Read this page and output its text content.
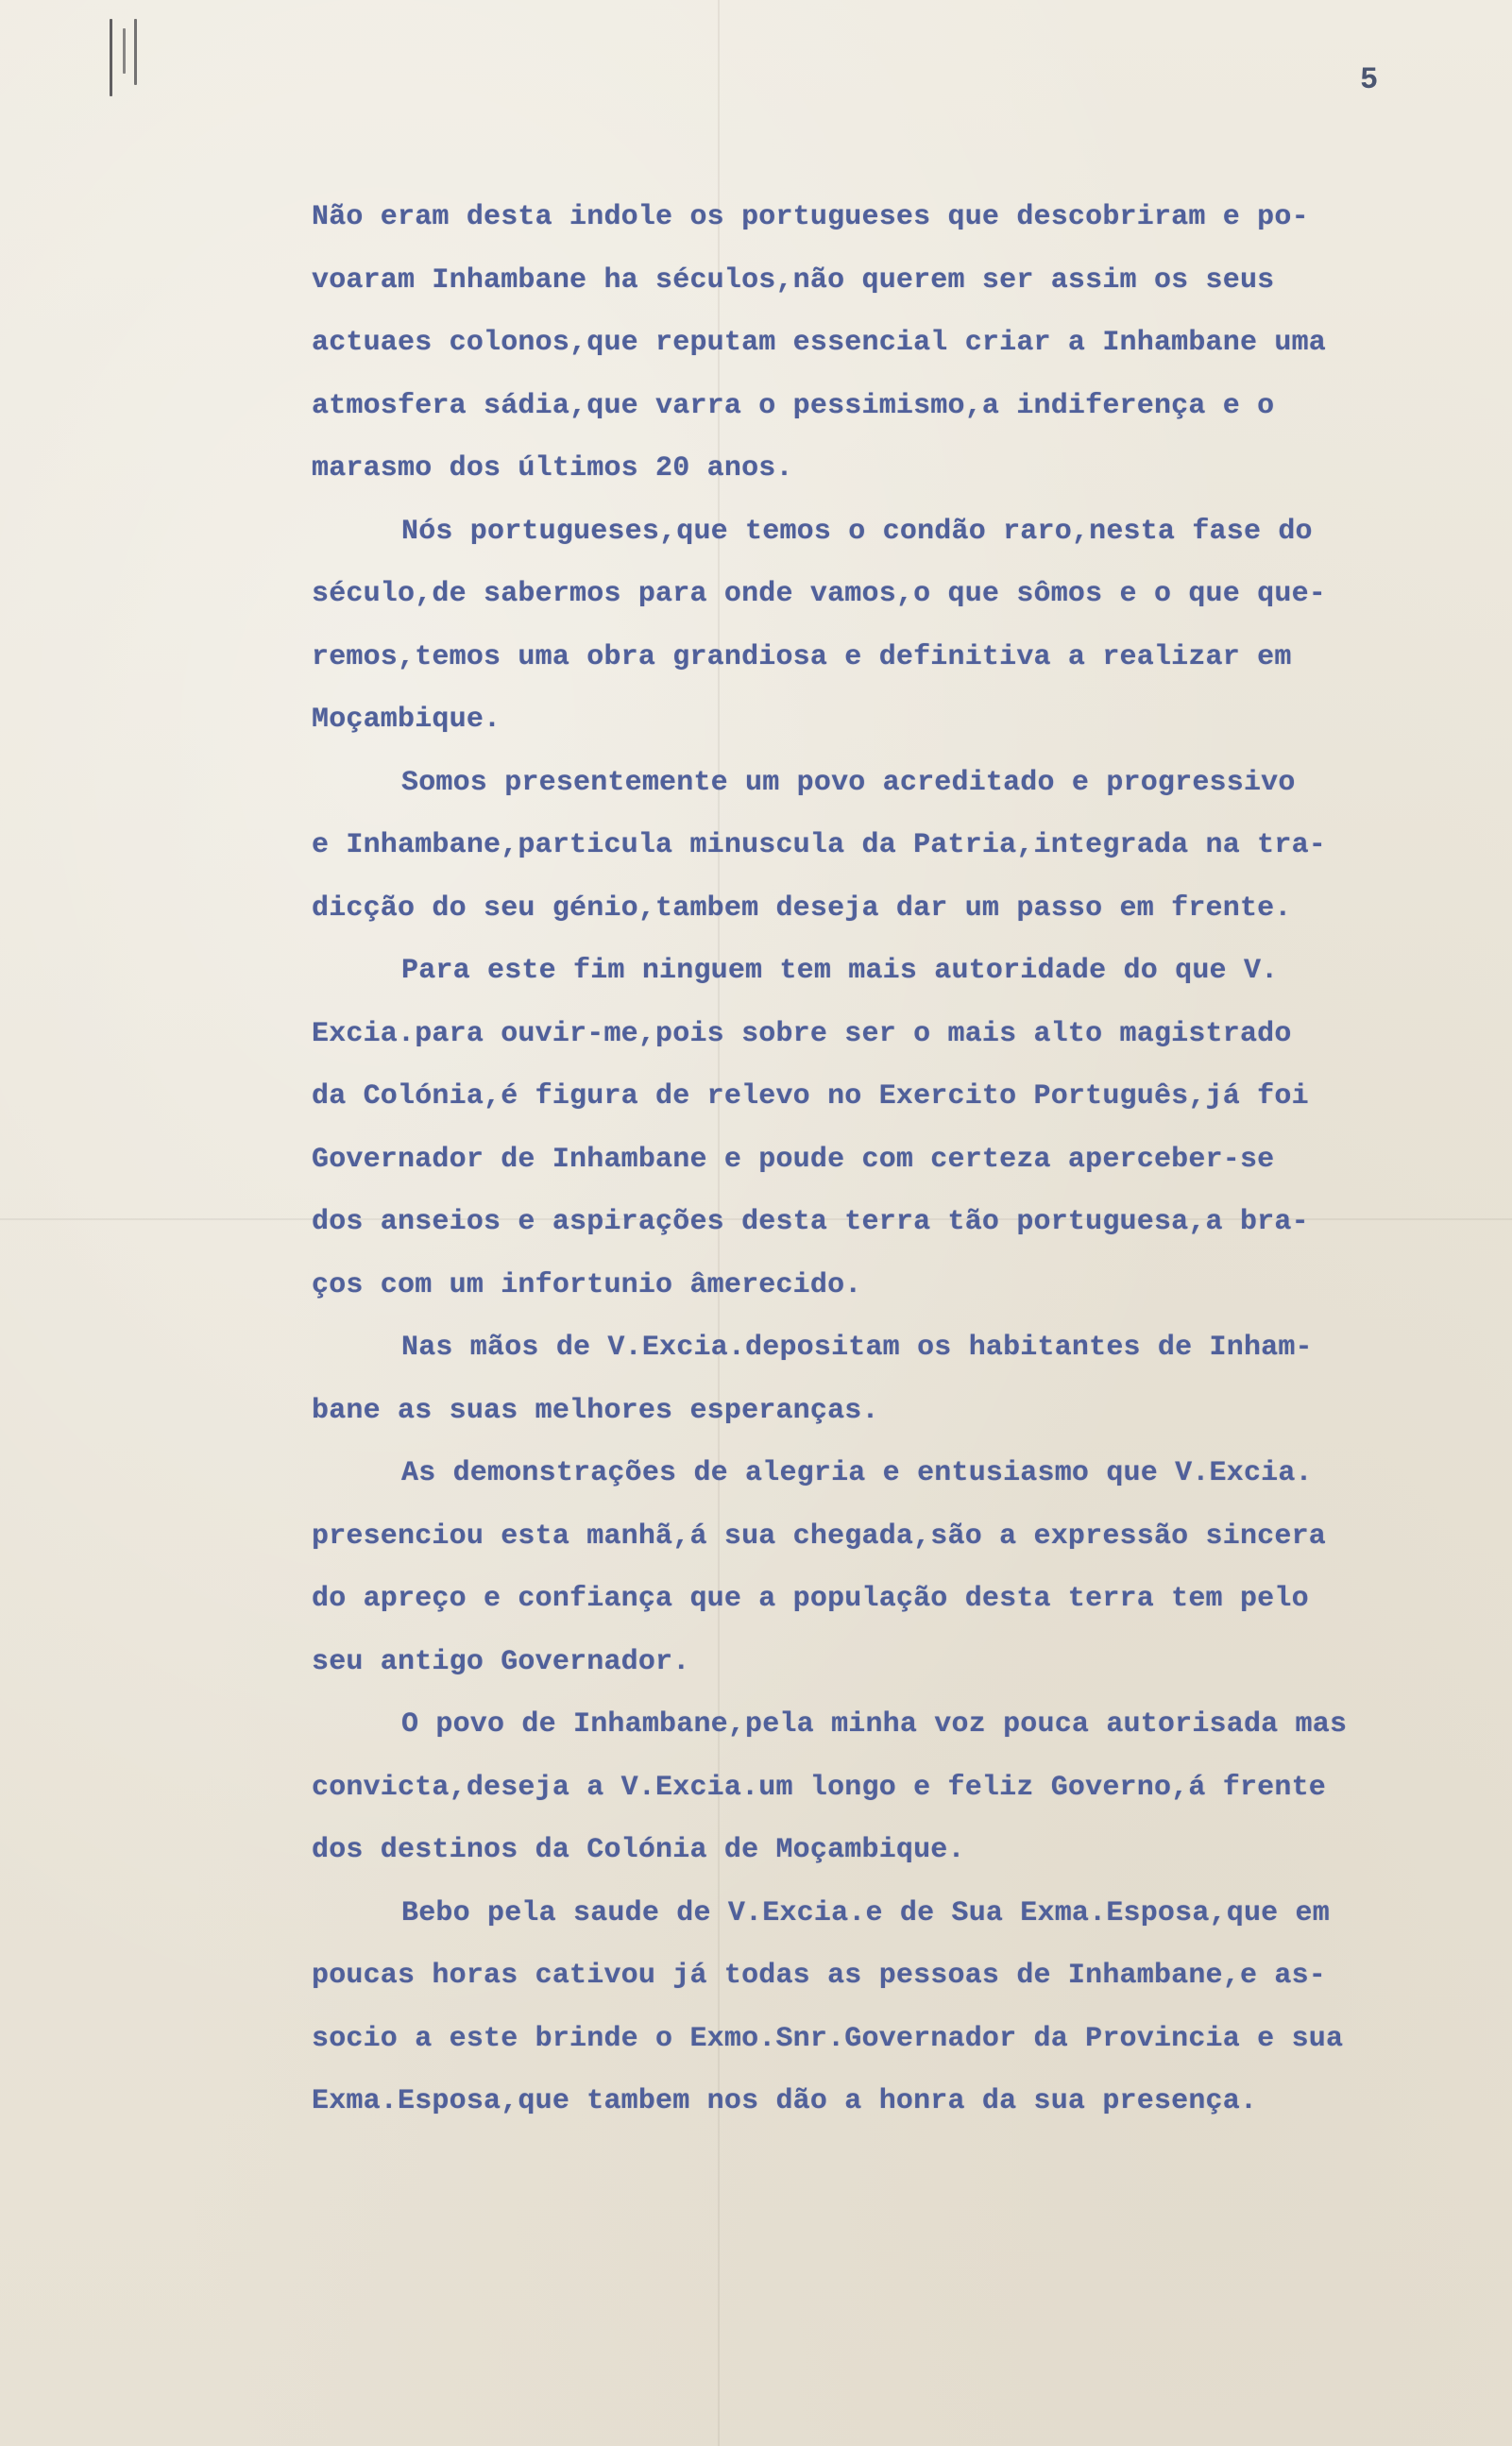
5

Não eram desta indole os portugueses que descobriram e po-
voaram Inhambane ha séculos,não querem ser assim os seus
actuaes colonos,que reputam essencial criar a Inhambane uma
atmosfera sádia,que varra o pessimismo,a indiferença e o
marasmo dos últimos 20 anos.
Nós portugueses,que temos o condão raro,nesta fase do
século,de sabermos para onde vamos,o que sômos e o que que-
remos,temos uma obra grandiosa e definitiva a realizar em
Moçambique.
Somos presentemente um povo acreditado e progressivo
e Inhambane,particula minuscula da Patria,integrada na tra-
dicção do seu génio,tambem deseja dar um passo em frente.
Para este fim ninguem tem mais autoridade do que V.
Excia.para ouvir-me,pois sobre ser o mais alto magistrado
da Colónia,é figura de relevo no Exercito Português,já foi
Governador de Inhambane e poude com certeza aperceber-se
dos anseios e aspirações desta terra tão portuguesa,a bra-
ços com um infortunio âmerecido.
Nas mãos de V.Excia.depositam os habitantes de Inham-
bane as suas melhores esperanças.
As demonstrações de alegria e entusiasmo que V.Excia.
presenciou esta manhã,á sua chegada,são a expressão sincera
do apreço e confiança que a população desta terra tem pelo
seu antigo Governador.
O povo de Inhambane,pela minha voz pouca autorisada mas
convicta,deseja a V.Excia.um longo e feliz Governo,á frente
dos destinos da Colónia de Moçambique.
Bebo pela saude de V.Excia.e de Sua Exma.Esposa,que em
poucas horas cativou já todas as pessoas de Inhambane,e as-
socio a este brinde o Exmo.Snr.Governador da Provincia e sua
Exma.Esposa,que tambem nos dão a honra da sua presença.
